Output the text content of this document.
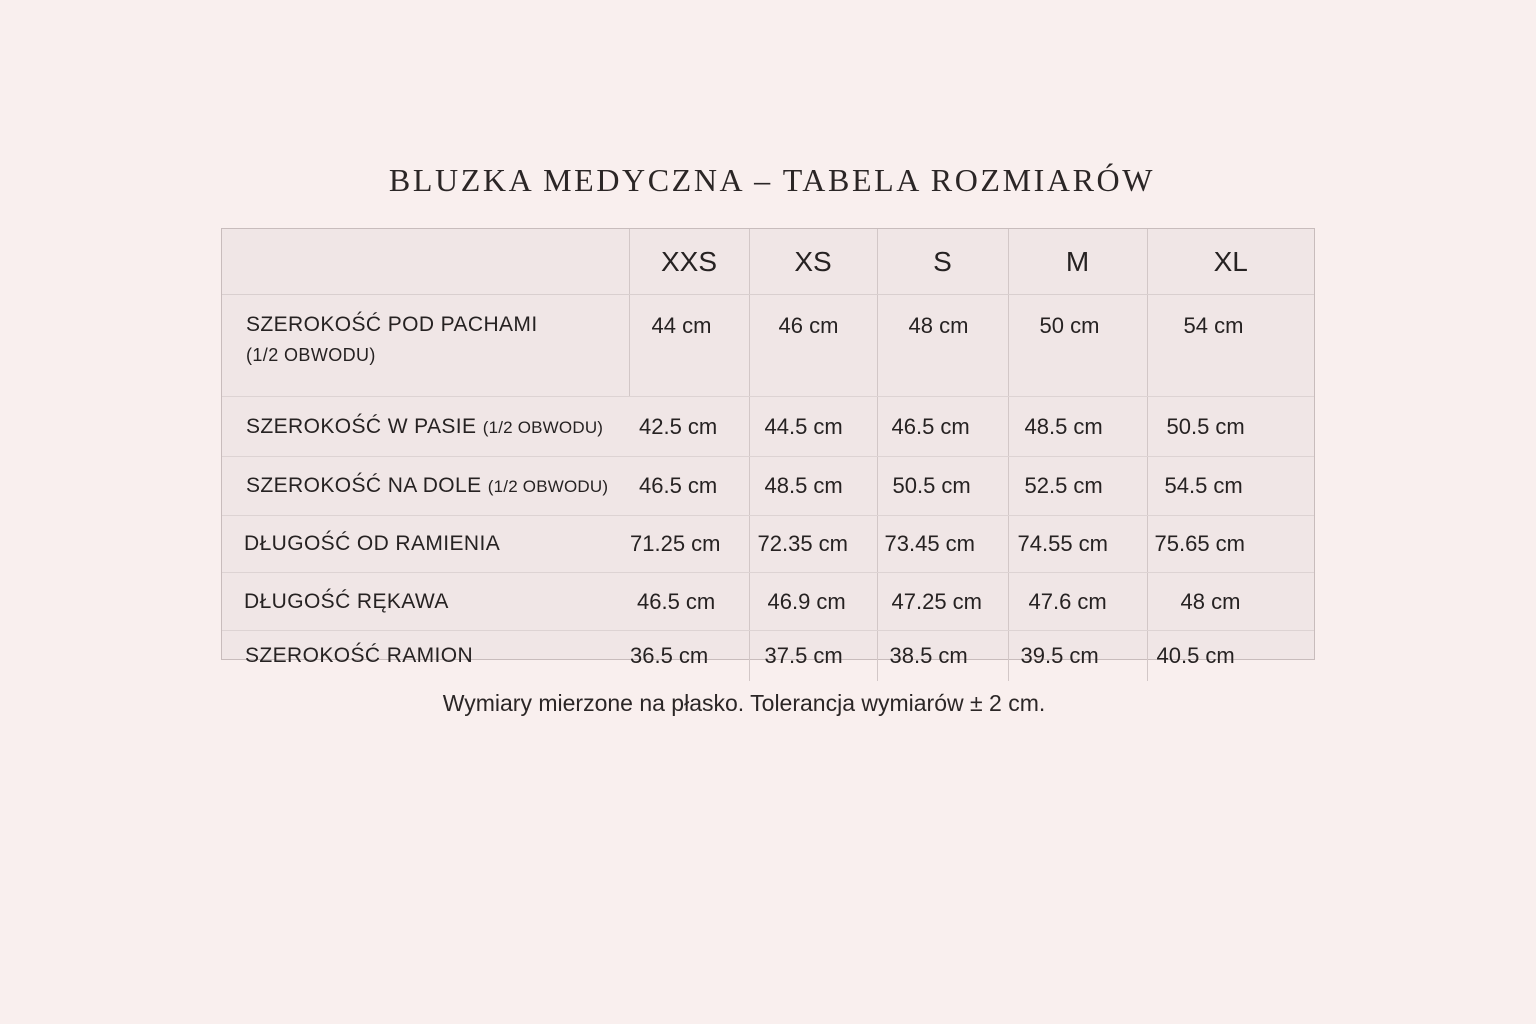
BLUZKA MEDYCZNA – TABELA ROZMIARÓW
	XXS	XS	S	M	XL
SZEROKOŚĆ POD PACHAMI
(1/2 OBWODU)	44 cm	46 cm	48 cm	50 cm	54 cm
SZEROKOŚĆ W PASIE (1/2 OBWODU)	42.5 cm	44.5 cm	46.5 cm	48.5 cm	50.5 cm
SZEROKOŚĆ NA DOLE (1/2 OBWODU)	46.5 cm	48.5 cm	50.5 cm	52.5 cm	54.5 cm
DŁUGOŚĆ OD RAMIENIA	71.25 cm	72.35 cm	73.45 cm	74.55 cm	75.65 cm
DŁUGOŚĆ RĘKAWA	46.5 cm	46.9 cm	47.25 cm	47.6 cm	48 cm
SZEROKOŚĆ RAMION	36.5 cm	37.5 cm	38.5 cm	39.5 cm	40.5 cm
Wymiary mierzone na płasko. Tolerancja wymiarów ± 2 cm.
